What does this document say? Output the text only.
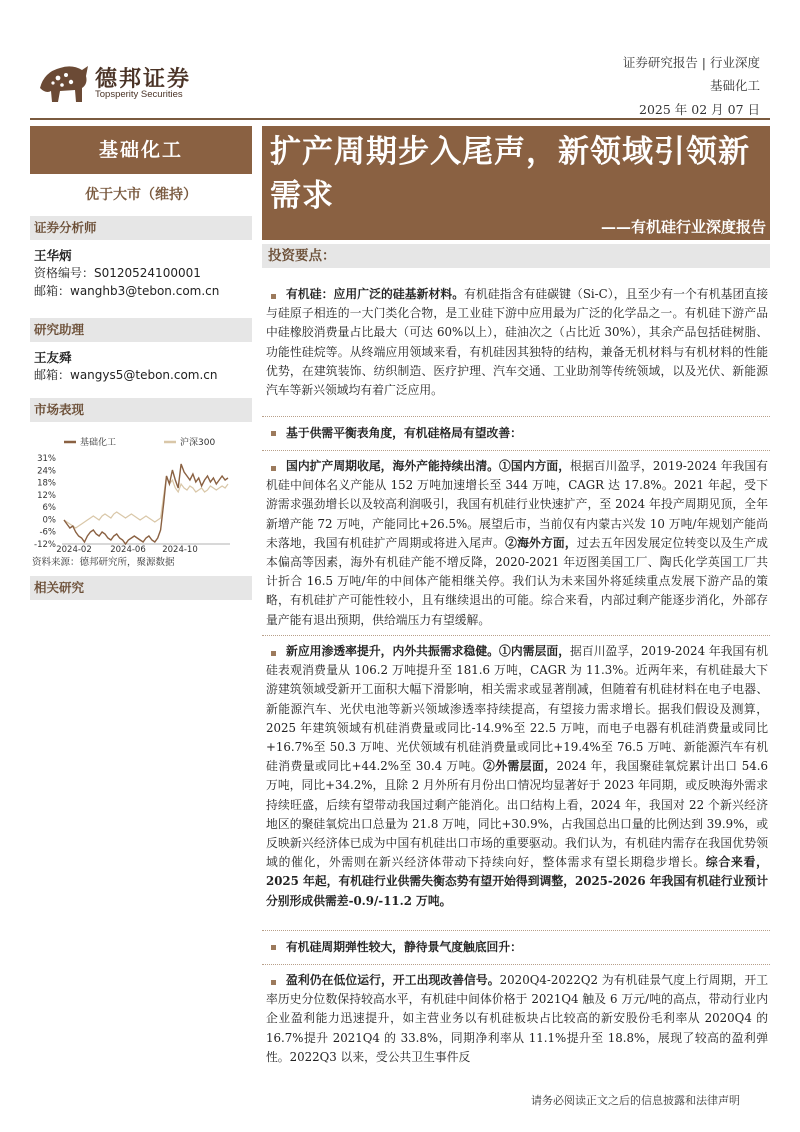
德邦证券
Topsperity Securities
证券研究报告 | 行业深度
基础化工
2025 年 02 月 07 日
基础化工
优于大市（维持）
证券分析师
王华炳
资格编号：S0120524100001
邮箱：wanghb3@tebon.com.cn
研究助理
王友舜
邮箱：wangys5@tebon.com.cn
市场表现
基础化工	沪深300
31%
24%
18%
12%
6%
0%
-6%
-12% 2024-02 2024-06 2024-10
资料来源：德邦研究所，聚源数据
相关研究
扩产周期步入尾声，新领域引领新需求
——有机硅行业深度报告
投资要点：
有机硅：应用广泛的硅基新材料。有机硅指含有硅碳键（Si-C），且至少有一个有机基团直接与硅原子相连的一大门类化合物，是工业硅下游中应用最为广泛的化学品之一。有机硅下游产品中硅橡胶消费量占比最大（可达 60%以上），硅油次之（占比近 30%），其余产品包括硅树脂、功能性硅烷等。从终端应用领域来看，有机硅因其独特的结构，兼备无机材料与有机材料的性能优势，在建筑装饰、纺织制造、医疗护理、汽车交通、工业助剂等传统领域，以及光伏、新能源汽车等新兴领域均有着广泛应用。
基于供需平衡表角度，有机硅格局有望改善：
国内扩产周期收尾，海外产能持续出清。①国内方面，根据百川盈孚，2019-2024 年我国有机硅中间体名义产能从 152 万吨加速增长至 344 万吨，CAGR 达 17.8%。2021 年起，受下游需求强劲增长以及较高利润吸引，我国有机硅行业快速扩产，至 2024 年投产周期见顶，全年新增产能 72 万吨，产能同比+26.5%。展望后市，当前仅有内蒙古兴发 10 万吨/年规划产能尚未落地，我国有机硅扩产周期或将进入尾声。②海外方面，过去五年因发展定位转变以及生产成本偏高等因素，海外有机硅产能不增反降，2020-2021 年迈图美国工厂、陶氏化学英国工厂共计折合 16.5 万吨/年的中间体产能相继关停。我们认为未来国外将延续重点发展下游产品的策略，有机硅扩产可能性较小，且有继续退出的可能。综合来看，内部过剩产能逐步消化，外部存量产能有退出预期，供给端压力有望缓解。
新应用渗透率提升，内外共振需求稳健。①内需层面，据百川盈孚，2019-2024 年我国有机硅表观消费量从 106.2 万吨提升至 181.6 万吨，CAGR 为 11.3%。近两年来，有机硅最大下游建筑领域受新开工面积大幅下滑影响，相关需求或显著削减，但随着有机硅材料在电子电器、新能源汽车、光伏电池等新兴领域渗透率持续提高，有望接力需求增长。据我们假设及测算，2025 年建筑领域有机硅消费量或同比-14.9%至 22.5 万吨，而电子电器有机硅消费量或同比+16.7%至 50.3 万吨、光伏领域有机硅消费量或同比+19.4%至 76.5 万吨、新能源汽车有机硅消费量或同比+44.2%至 30.4 万吨。②外需层面，2024 年，我国聚硅氧烷累计出口 54.6 万吨，同比+34.2%，且除 2 月外所有月份出口情况均显著好于 2023 年同期，或反映海外需求持续旺盛，后续有望带动我国过剩产能消化。出口结构上看，2024 年，我国对 22 个新兴经济地区的聚硅氧烷出口总量为 21.8 万吨，同比+30.9%，占我国总出口量的比例达到 39.9%，或反映新兴经济体已成为中国有机硅出口市场的重要驱动。我们认为，有机硅内需存在我国优势领域的催化，外需则在新兴经济体带动下持续向好，整体需求有望长期稳步增长。综合来看，2025 年起，有机硅行业供需失衡态势有望开始得到调整，2025-2026 年我国有机硅行业预计分别形成供需差-0.9/-11.2 万吨。
有机硅周期弹性较大，静待景气度触底回升：
盈利仍在低位运行，开工出现改善信号。2020Q4-2022Q2 为有机硅景气度上行周期，开工率历史分位数保持较高水平，有机硅中间体价格于 2021Q4 触及 6 万元/吨的高点，带动行业内企业盈利能力迅速提升，如主营业务以有机硅板块占比较高的新安股份毛利率从 2020Q4 的 16.7%提升 2021Q4 的 33.8%，同期净利率从 11.1%提升至 18.8%，展现了较高的盈利弹性。2022Q3 以来，受公共卫生事件反
请务必阅读正文之后的信息披露和法律声明
